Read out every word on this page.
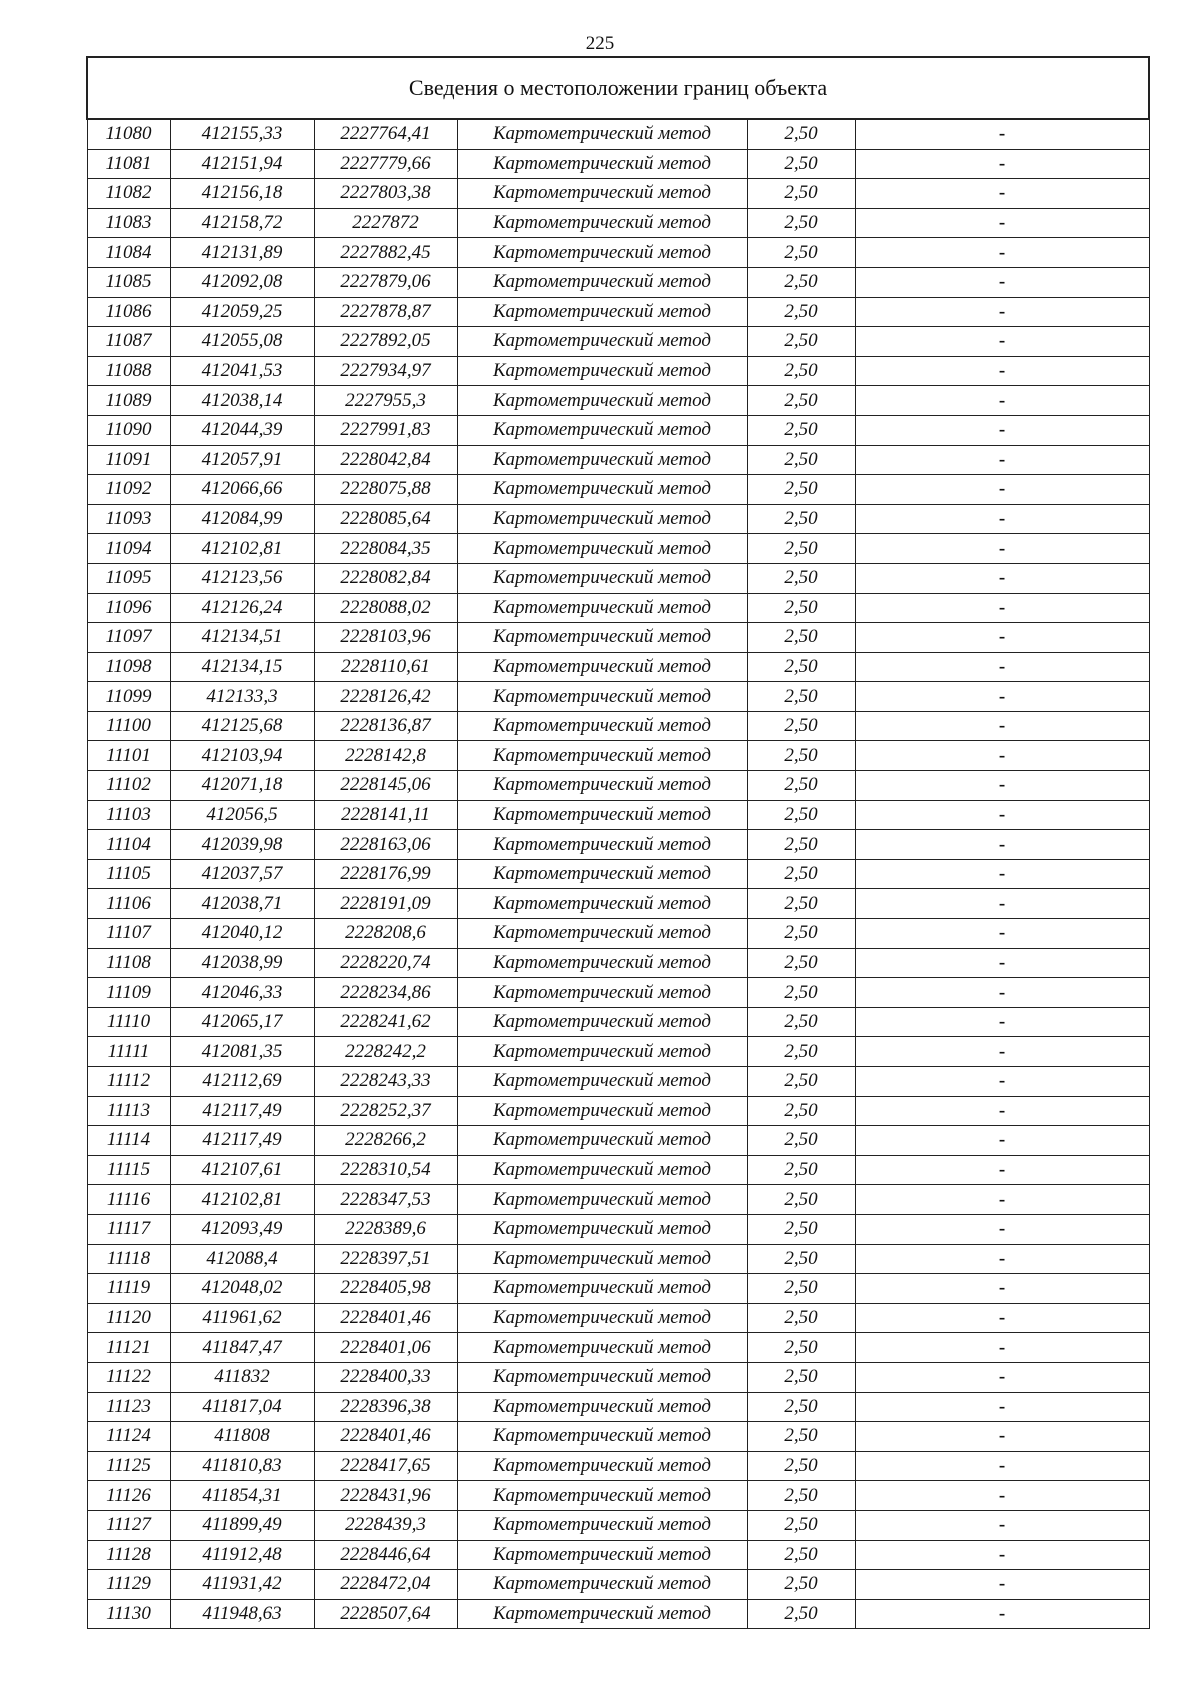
225
Сведения о местоположении границ объекта					
11080	412155,33	2227764,41	Картометрический метод	2,50	-
11081	412151,94	2227779,66	Картометрический метод	2,50	-
11082	412156,18	2227803,38	Картометрический метод	2,50	-
11083	412158,72	2227872	Картометрический метод	2,50	-
11084	412131,89	2227882,45	Картометрический метод	2,50	-
11085	412092,08	2227879,06	Картометрический метод	2,50	-
11086	412059,25	2227878,87	Картометрический метод	2,50	-
11087	412055,08	2227892,05	Картометрический метод	2,50	-
11088	412041,53	2227934,97	Картометрический метод	2,50	-
11089	412038,14	2227955,3	Картометрический метод	2,50	-
11090	412044,39	2227991,83	Картометрический метод	2,50	-
11091	412057,91	2228042,84	Картометрический метод	2,50	-
11092	412066,66	2228075,88	Картометрический метод	2,50	-
11093	412084,99	2228085,64	Картометрический метод	2,50	-
11094	412102,81	2228084,35	Картометрический метод	2,50	-
11095	412123,56	2228082,84	Картометрический метод	2,50	-
11096	412126,24	2228088,02	Картометрический метод	2,50	-
11097	412134,51	2228103,96	Картометрический метод	2,50	-
11098	412134,15	2228110,61	Картометрический метод	2,50	-
11099	412133,3	2228126,42	Картометрический метод	2,50	-
11100	412125,68	2228136,87	Картометрический метод	2,50	-
11101	412103,94	2228142,8	Картометрический метод	2,50	-
11102	412071,18	2228145,06	Картометрический метод	2,50	-
11103	412056,5	2228141,11	Картометрический метод	2,50	-
11104	412039,98	2228163,06	Картометрический метод	2,50	-
11105	412037,57	2228176,99	Картометрический метод	2,50	-
11106	412038,71	2228191,09	Картометрический метод	2,50	-
11107	412040,12	2228208,6	Картометрический метод	2,50	-
11108	412038,99	2228220,74	Картометрический метод	2,50	-
11109	412046,33	2228234,86	Картометрический метод	2,50	-
11110	412065,17	2228241,62	Картометрический метод	2,50	-
11111	412081,35	2228242,2	Картометрический метод	2,50	-
11112	412112,69	2228243,33	Картометрический метод	2,50	-
11113	412117,49	2228252,37	Картометрический метод	2,50	-
11114	412117,49	2228266,2	Картометрический метод	2,50	-
11115	412107,61	2228310,54	Картометрический метод	2,50	-
11116	412102,81	2228347,53	Картометрический метод	2,50	-
11117	412093,49	2228389,6	Картометрический метод	2,50	-
11118	412088,4	2228397,51	Картометрический метод	2,50	-
11119	412048,02	2228405,98	Картометрический метод	2,50	-
11120	411961,62	2228401,46	Картометрический метод	2,50	-
11121	411847,47	2228401,06	Картометрический метод	2,50	-
11122	411832	2228400,33	Картометрический метод	2,50	-
11123	411817,04	2228396,38	Картометрический метод	2,50	-
11124	411808	2228401,46	Картометрический метод	2,50	-
11125	411810,83	2228417,65	Картометрический метод	2,50	-
11126	411854,31	2228431,96	Картометрический метод	2,50	-
11127	411899,49	2228439,3	Картометрический метод	2,50	-
11128	411912,48	2228446,64	Картометрический метод	2,50	-
11129	411931,42	2228472,04	Картометрический метод	2,50	-
11130	411948,63	2228507,64	Картометрический метод	2,50	-
